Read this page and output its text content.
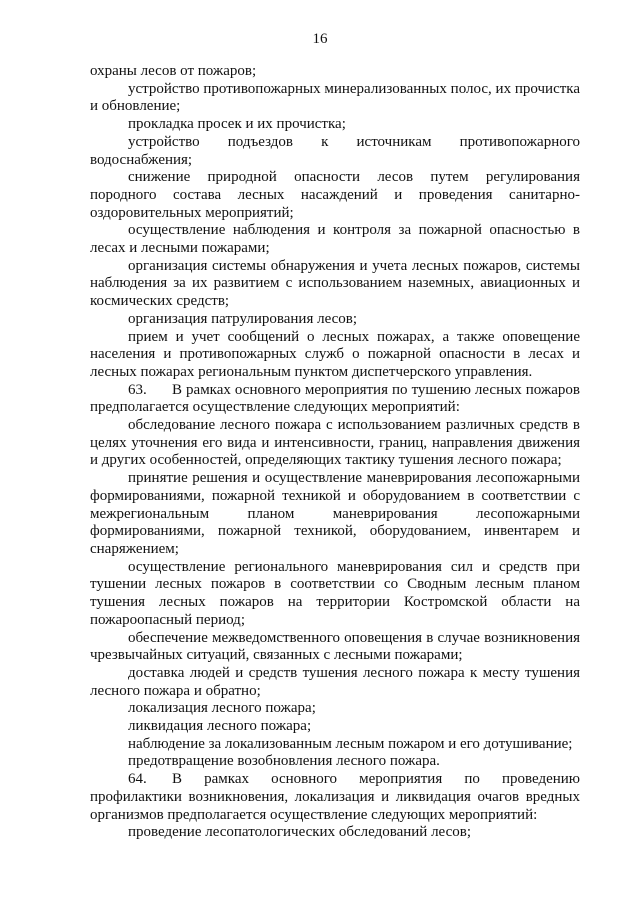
16

охраны лесов от пожаров;

устройство противопожарных минерализованных полос, их прочистка и обновление;

прокладка просек и их прочистка;

устройство подъездов к источникам противопожарного водоснабжения;

снижение природной опасности лесов путем регулирования породного состава лесных насаждений и проведения санитарно-оздоровительных мероприятий;

осуществление наблюдения и контроля за пожарной опасностью в лесах и лесными пожарами;

организация системы обнаружения и учета лесных пожаров, системы наблюдения за их развитием с использованием наземных, авиационных и космических средств;

организация патрулирования лесов;

прием и учет сообщений о лесных пожарах, а также оповещение населения и противопожарных служб о пожарной опасности в лесах и лесных пожарах региональным пунктом диспетчерского управления.

63. В рамках основного мероприятия по тушению лесных пожаров предполагается осуществление следующих мероприятий:

обследование лесного пожара с использованием различных средств в целях уточнения его вида и интенсивности, границ, направления движения и других особенностей, определяющих тактику тушения лесного пожара;

принятие решения и осуществление маневрирования лесопожарными формированиями, пожарной техникой и оборудованием в соответствии с межрегиональным планом маневрирования лесопожарными формированиями, пожарной техникой, оборудованием, инвентарем и снаряжением;

осуществление регионального маневрирования сил и средств при тушении лесных пожаров в соответствии со Сводным лесным планом тушения лесных пожаров на территории Костромской области на пожароопасный период;

обеспечение межведомственного оповещения в случае возникновения чрезвычайных ситуаций, связанных с лесными пожарами;

доставка людей и средств тушения лесного пожара к месту тушения лесного пожара и обратно;

локализация лесного пожара;

ликвидация лесного пожара;

наблюдение за локализованным лесным пожаром и его дотушивание;

предотвращение возобновления лесного пожара.

64. В рамках основного мероприятия по проведению профилактики возникновения, локализация и ликвидация очагов вредных организмов предполагается осуществление следующих мероприятий:

проведение лесопатологических обследований лесов;
